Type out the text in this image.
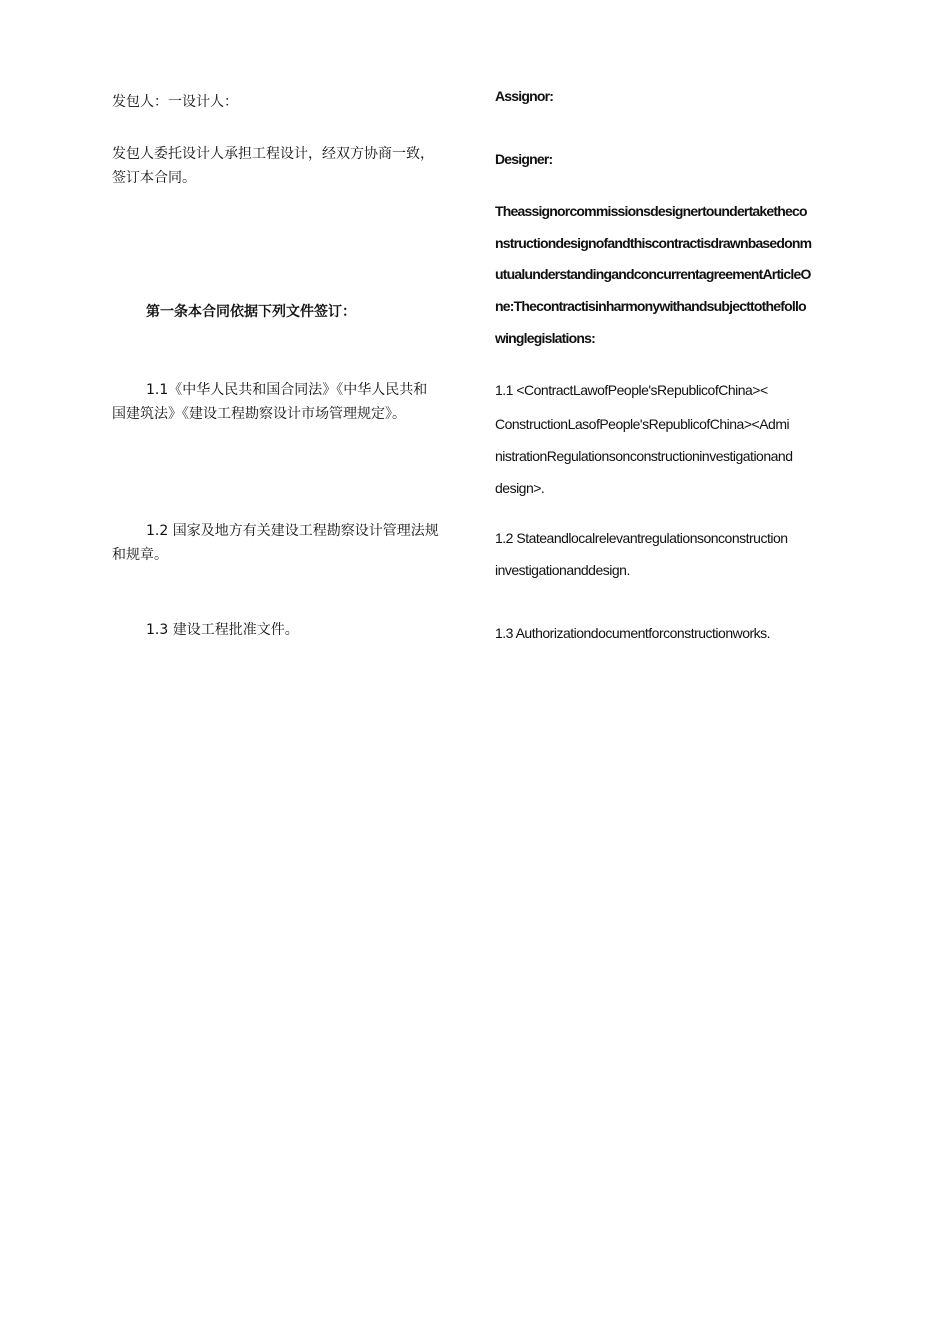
发包人：一设计人：

发包人委托设计人承担工程设计，经双方协商一致，

签订本合同。

第一条本合同依据下列文件签订：

1.1《中华人民共和国合同法》《中华人民共和

国建筑法》《建设工程勘察设计市场管理规定》。

1.2 国家及地方有关建设工程勘察设计管理法规

和规章。

1.3 建设工程批准文件。

Assignor:

Designer:

Theassignorcommissionsdesignertoundertaketheco

nstructiondesignofandthiscontractisdrawnbasedonm

utualunderstandingandconcurrentagreementArticleO

ne:Thecontractisinharmonywithandsubjecttothefollo

winglegislations:

1.1 <ContractLawofPeople'sRepublicofChina><

ConstructionLasofPeople'sRepublicofChina><Admi

nistrationRegulationsonconstructioninvestigationand

design>.

1.2 Stateandlocalrelevantregulationsonconstruction

investigationanddesign.

1.3 Authorizationdocumentforconstructionworks.
